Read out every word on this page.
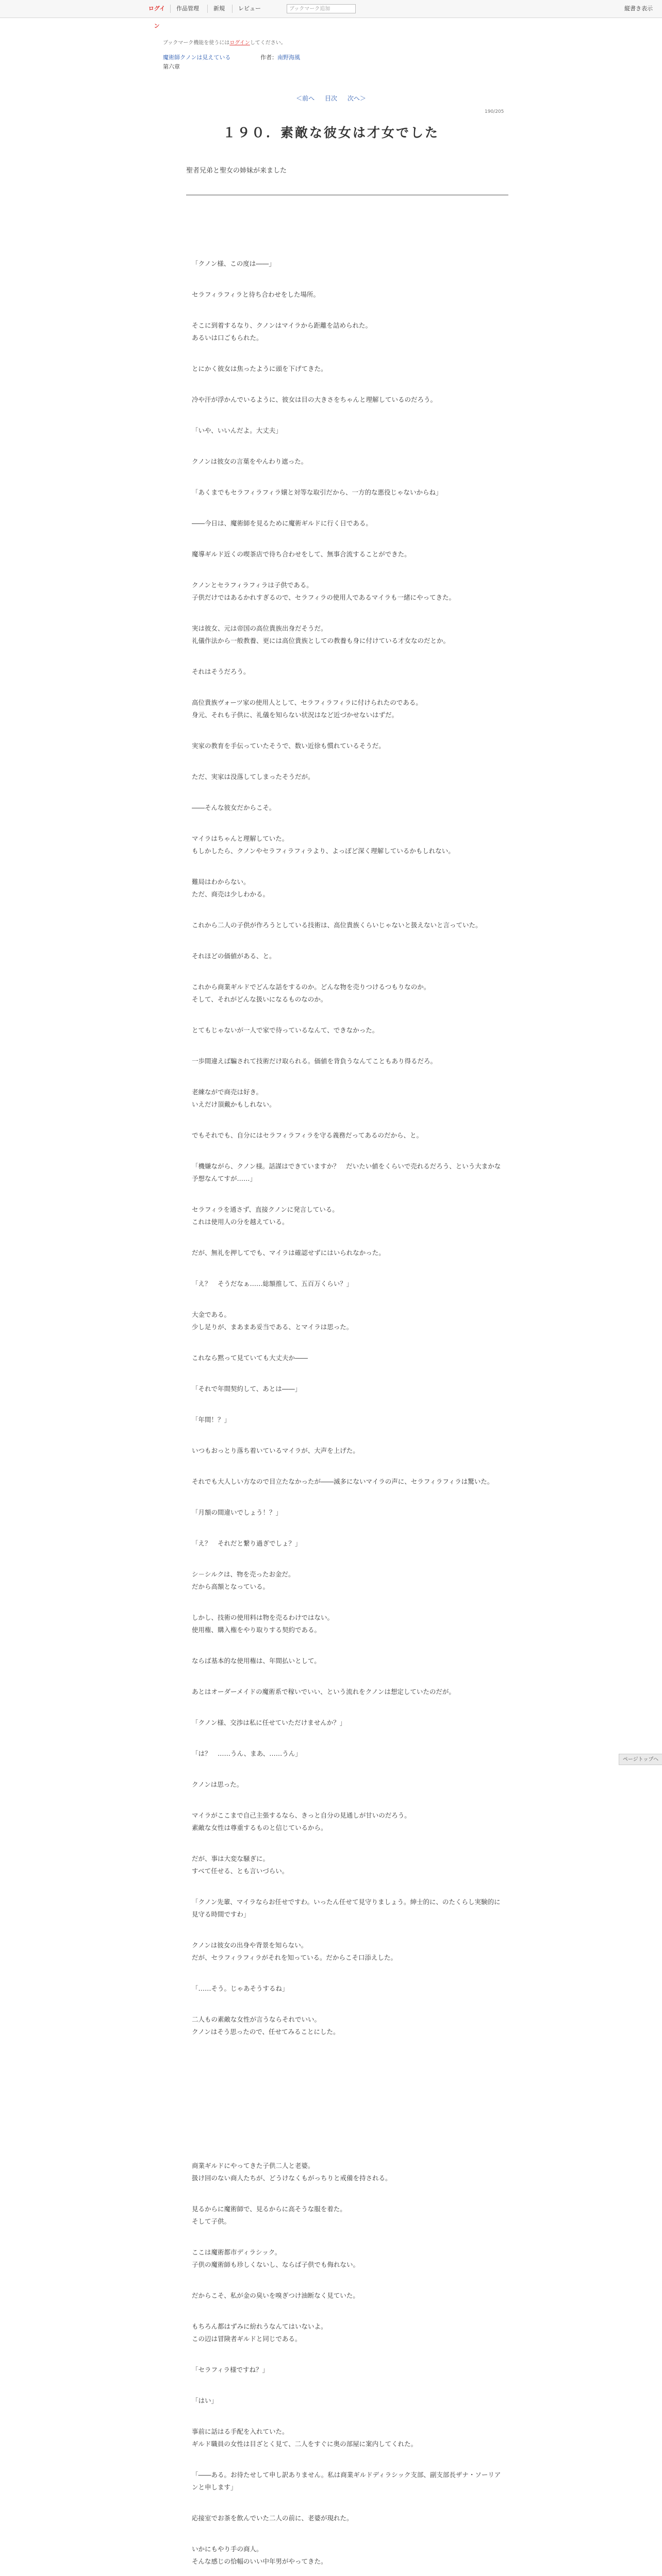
ログイン
作品管理	新規 レビュー	ブックマーク追加	縦書き表示
ブックマーク機能を使うにはログインしてください。
魔術師クノンは見えている	作者：南野海風
第六章
＜前へ 目次 次へ＞
190/205
１９０．素敵な彼女は才女でした
聖者兄弟と聖女の姉妹が来ました

「クノン様、この度は――」

セラフィラフィラと待ち合わせをした場所。

そこに到着するなり、クノンはマイラから距離を詰められた。

あるいは口ごもられた。

とにかく彼女は焦ったように頭を下げてきた。

冷や汗が浮かんでいるように、彼女は目の大きさをちゃんと理解しているのだろう。

「いや、いいんだよ。大丈夫」

クノンは彼女の言葉をやんわり遮った。

「あくまでもセラフィラフィラ嬢と対等な取引だから、一方的な悪役じゃないからね」

――今日は、魔術師を見るために魔術ギルドに行く日である。

魔導ギルド近くの喫茶店で待ち合わせをして、無事合流することができた。

クノンとセラフィラフィラは子供である。

子供だけではあるかれすぎるので、セラフィラの使用人であるマイラも一緒にやってきた。

実は彼女、元は帝国の高位貴族出身だそうだ。

礼儀作法から一般教養、更には高位貴族としての教養も身に付けている才女なのだとか。

それはそうだろう。

高位貴族ヴォーツ家の使用人として、セラフィラフィラに付けられたのである。

身元、それも子供に、礼儀を知らない状況はなど近づかせないはずだ。

実家の教育を手伝っていたそうで、数い近徐も慣れているそうだ。

ただ、実家は没落してしまったそうだが。

――そんな彼女だからこそ。

マイラはちゃんと理解していた。

もしかしたら、クノンやセラフィラフィラより、よっぽど深く理解しているかもしれない。

難局はわからない。

ただ、商売は少しわかる。

これから二人の子供が作ろうとしている技術は、高位貴族くらいじゃないと扱えないと言っていた。

それほどの価値がある、と。

これから商業ギルドでどんな話をするのか。どんな物を売りつけるつもりなのか。

そして、それがどんな扱いになるものなのか。

とてもじゃないが一人で家で待っているなんて、できなかった。

一歩間違えば騙されて技術だけ取られる。価値を背負うなんてこともあり得るだろ。

老練ながで商売は好き。

いえだけ頂戴かもしれない。

でもそれでも、自分にはセラフィラフィラを守る義務だってあるのだから、と。

「機嫌ながら、クノン様。話謀はできていますか？　だいたい値をくらいで売れるだろう、という大まかな予想なんてすが……」

セラフィラを通さず、直接クノンに発言している。

これは使用人の分を越えている。

だが、無礼を押してでも、マイラは確認せずにはいられなかった。

「え？　そうだなぁ……総額推して、五百万くらい？」

大金である。

少し足りが、まあまあ妥当である、とマイラは思った。

これなら黙って見ていても大丈夫か――

「それで年間契約して、あとは――」

「年間！？」

いつもおっとり落ち着いているマイラが、大声を上げた。

それでも大人しい方なので目立たなかったが――滅多にないマイラの声に、セラフィラフィラは驚いた。

「月額の間違いでしょう！？」

「え？　それだと繋り過ぎでしょ？」

シ－シルクは、物を売ったお金だ。

だから高額となっている。

しかし、技術の使用料は物を売るわけではない。

使用権、購入権をやり取りする契約である。

ならば基本的な使用権は、年間払いとして。

あとはオーダーメイドの魔術系で稼いでいい、という流れをクノンは想定していたのだが。

「クノン様、交渉は私に任せていただけませんか？」

「は？　……うん、まあ、……うん」

クノンは思った。

マイラがここまで自己主張するなら、きっと自分の見通しが甘いのだろう。

素敵な女性は尊重するものと信じているから。

だが、事は大変な騒ぎに。

すべて任せる、とも言いづらい。

「クノン先輩、マイラならお任せですわ。いったん任せて見守りましょう。紳士的に、のたくらし実験的に見守る時間ですわ」

クノンは彼女の出身や背景を知らない。

だが、セラフィラフィラがそれを知っている。だからこそ口添えした。

「……そう。じゃあそうするね」

二人もの素敵な女性が言うならそれでいい。

クノンはそう思ったので、任せてみることにした。

商業ギルドにやってきた子供二人と老婆。

扱け回のない商人たちが、どうけなくもがっちりと戒備を持される。

見るからに魔術師で、見るからに高そうな服を着た。

そして子供。

ここは魔術都市ディラシック。

子供の魔術師も珍しくないし、ならば子供でも侮れない。

だからこそ、私が金の臭いを嗅ぎつけ油断なく見ていた。

もちろん都はずみに紛れうなんてはいないよ。

この辺は冒険者ギルドと同じである。

「セラフィラ様ですね？」

「はい」

事前に話はる手配を入れていた。

ギルド職員の女性は目ざとく見て、二人をすぐに奥の部屋に案内してくれた。

「――ある。お待たせして申し訳ありません。私は商業ギルドディラシック支部、副支部長ザナ・ソーリアンと申します」

応接室でお茶を飲んでいた二人の前に、老婆が現れた。

いかにもやり手の商人。

そんな感じの恰幅のいい中年男がやってきた。

ページトップへ
